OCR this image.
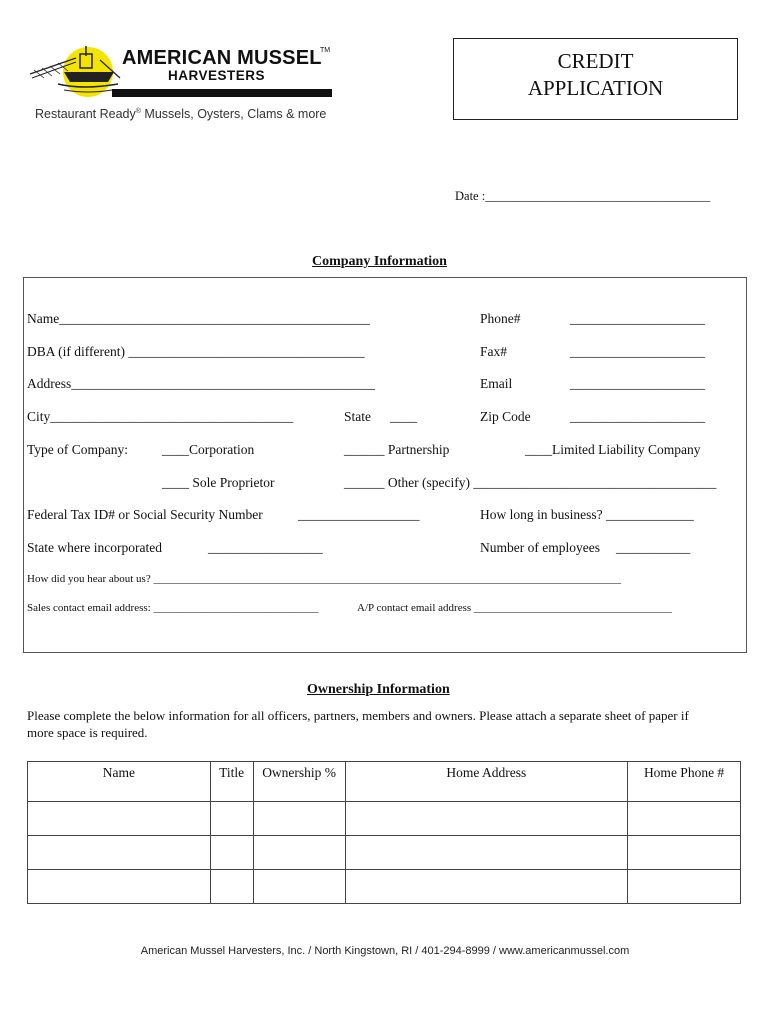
AMERICAN MUSSEL
TM
HARVESTERS
Restaurant Ready® Mussels, Oysters, Clams & more
CREDIT
APPLICATION
Date :____________________________________
Company Information
Name______________________________________________	Phone#	____________________
DBA (if different) ___________________________________	Fax#	____________________
Address_____________________________________________	Email	____________________
City____________________________________	State ____	Zip Code	____________________
Type of Company:	____Corporation	______ Partnership	____Limited Liability Company
____ Sole Proprietor	______ Other (specify) ____________________________________
Federal Tax ID# or Social Security Number	__________________	How long in business? _____________
State where incorporated	_________________	Number of employees ___________
How did you hear about us? _____________________________________________________________________________________
Sales contact email address: ______________________________	A/P contact email address ____________________________________
Ownership Information
Please complete the below information for all officers, partners, members and owners. Please attach a separate sheet of paper if
more space is required.
Name	Title	Ownership %	Home Address	Home Phone #

American Mussel Harvesters, Inc. / North Kingstown, RI / 401-294-8999 / www.americanmussel.com
